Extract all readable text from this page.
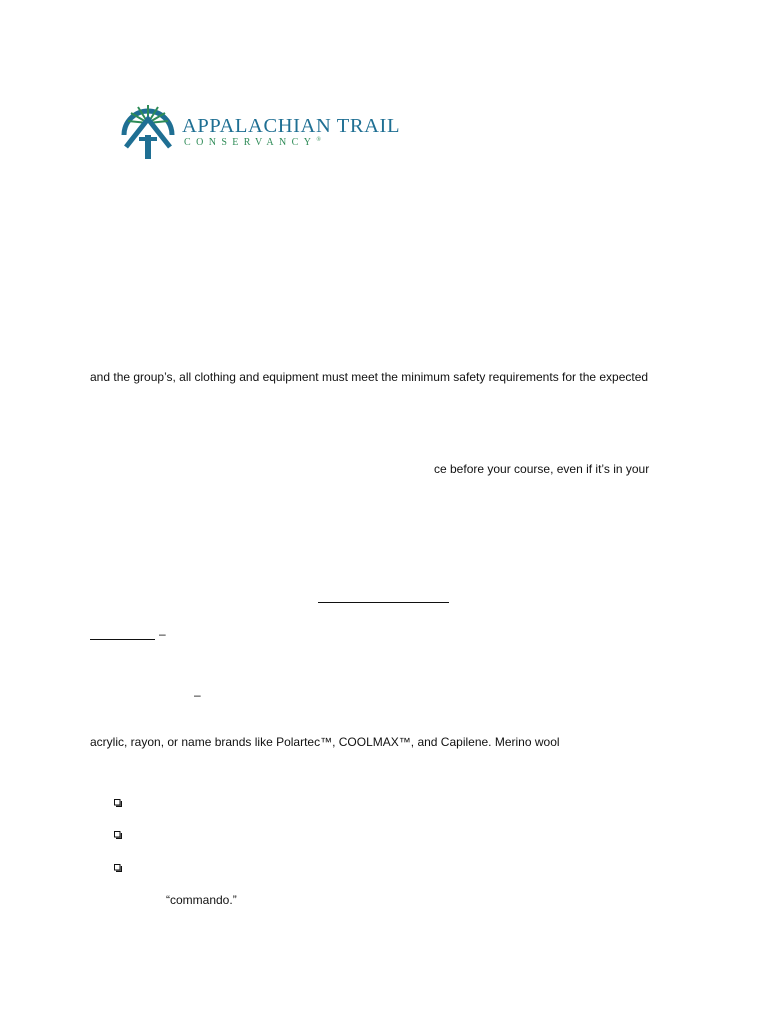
APPALACHIAN TRAIL
CONSERVANCY®
and the group’s, all clothing and equipment must meet the minimum safety requirements for the expected
ce before your course, even if it’s in your
–
–
acrylic, rayon, or name brands like Polartec™, COOLMAX™, and Capilene. Merino wool
“commando.”
